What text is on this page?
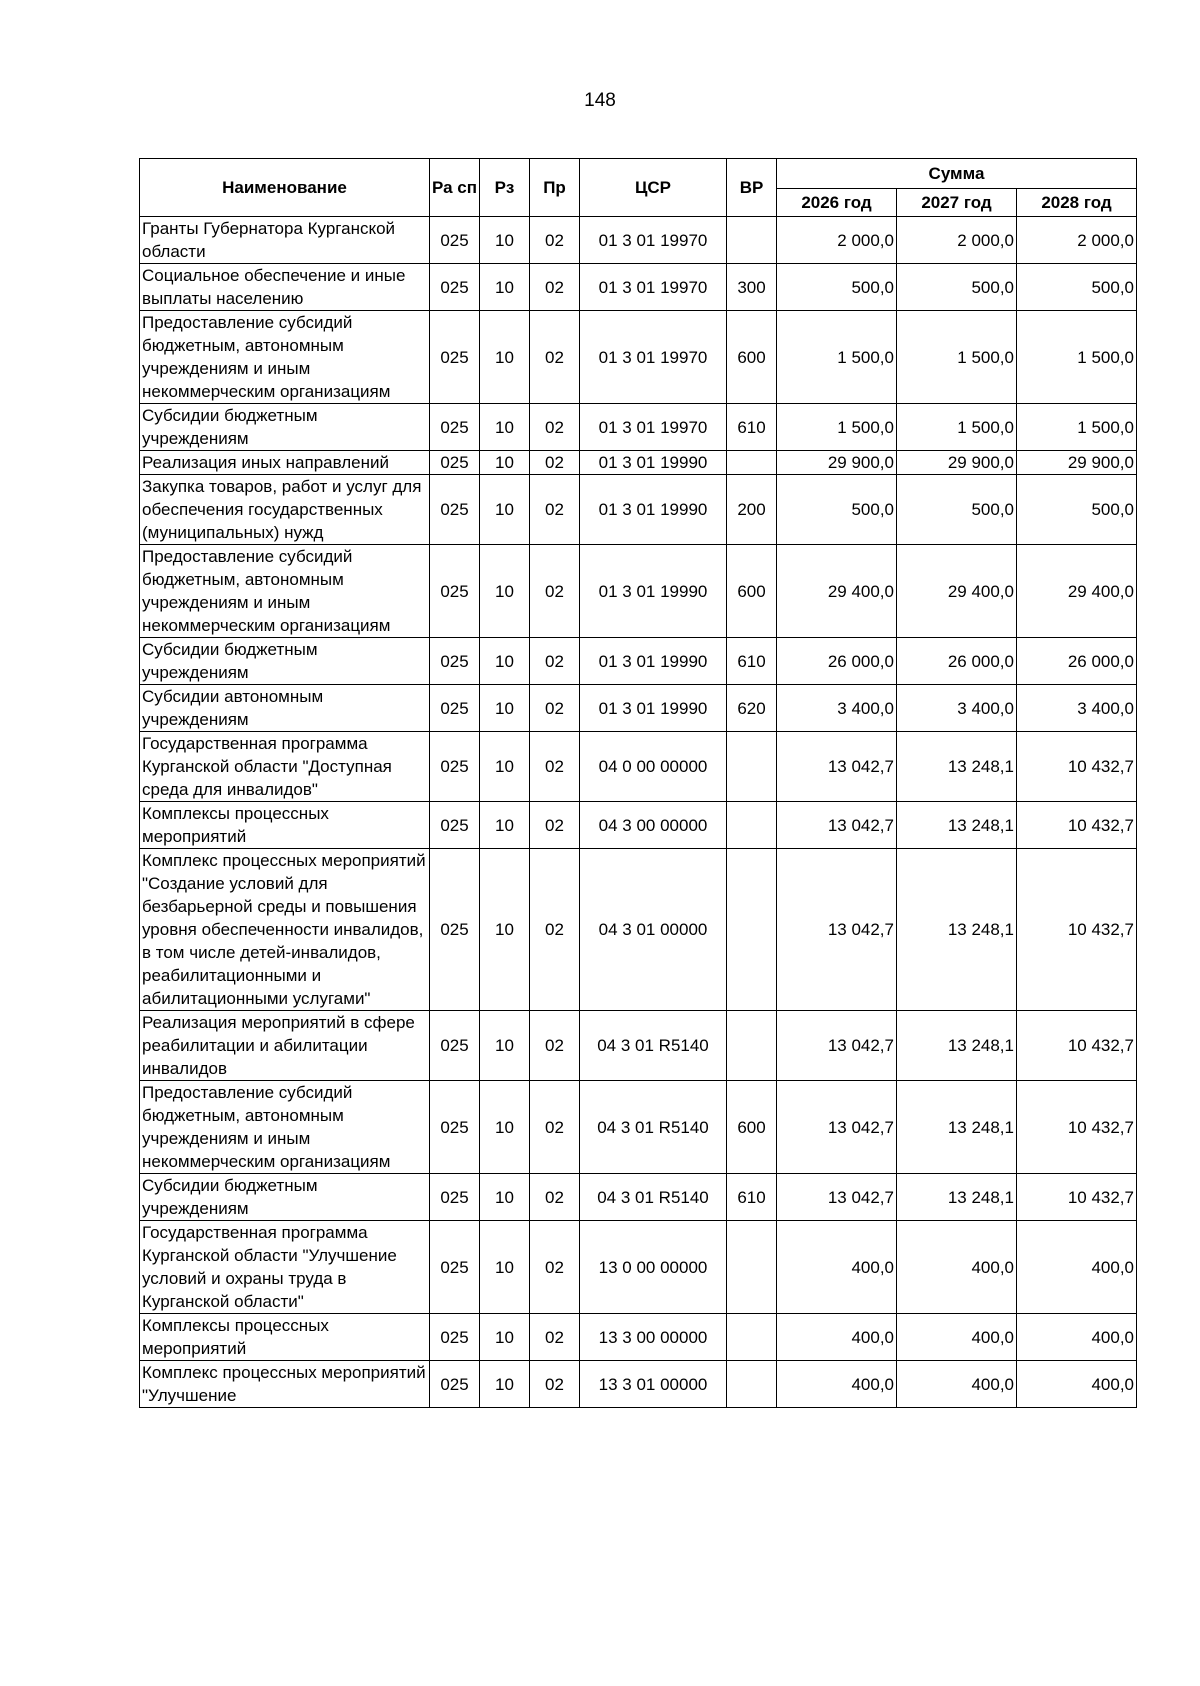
148
Наименование	Ра сп	Рз	Пр	ЦСР	ВР	Сумма		
						2026 год	2027 год	2028 год
Гранты Губернатора Курганской области	025	10	02	01 3 01 19970		2 000,0	2 000,0	2 000,0
Социальное обеспечение и иные выплаты населению	025	10	02	01 3 01 19970	300	500,0	500,0	500,0
Предоставление субсидий бюджетным, автономным учреждениям и иным некоммерческим организациям	025	10	02	01 3 01 19970	600	1 500,0	1 500,0	1 500,0
Субсидии бюджетным учреждениям	025	10	02	01 3 01 19970	610	1 500,0	1 500,0	1 500,0
Реализация иных направлений	025	10	02	01 3 01 19990		29 900,0	29 900,0	29 900,0
Закупка товаров, работ и услуг для обеспечения государственных (муниципальных) нужд	025	10	02	01 3 01 19990	200	500,0	500,0	500,0
Предоставление субсидий бюджетным, автономным учреждениям и иным некоммерческим организациям	025	10	02	01 3 01 19990	600	29 400,0	29 400,0	29 400,0
Субсидии бюджетным учреждениям	025	10	02	01 3 01 19990	610	26 000,0	26 000,0	26 000,0
Субсидии автономным учреждениям	025	10	02	01 3 01 19990	620	3 400,0	3 400,0	3 400,0
Государственная программа Курганской области "Доступная среда для инвалидов"	025	10	02	04 0 00 00000		13 042,7	13 248,1	10 432,7
Комплексы процессных мероприятий	025	10	02	04 3 00 00000		13 042,7	13 248,1	10 432,7
Комплекс процессных мероприятий "Создание условий для безбарьерной среды и повышения уровня обеспеченности инвалидов, в том числе детей-инвалидов, реабилитационными и абилитационными услугами"	025	10	02	04 3 01 00000		13 042,7	13 248,1	10 432,7
Реализация мероприятий в сфере реабилитации и абилитации инвалидов	025	10	02	04 3 01 R5140		13 042,7	13 248,1	10 432,7
Предоставление субсидий бюджетным, автономным учреждениям и иным некоммерческим организациям	025	10	02	04 3 01 R5140	600	13 042,7	13 248,1	10 432,7
Субсидии бюджетным учреждениям	025	10	02	04 3 01 R5140	610	13 042,7	13 248,1	10 432,7
Государственная программа Курганской области "Улучшение условий и охраны труда в Курганской области"	025	10	02	13 0 00 00000		400,0	400,0	400,0
Комплексы процессных мероприятий	025	10	02	13 3 00 00000		400,0	400,0	400,0
Комплекс процессных мероприятий "Улучшение	025	10	02	13 3 01 00000		400,0	400,0	400,0
